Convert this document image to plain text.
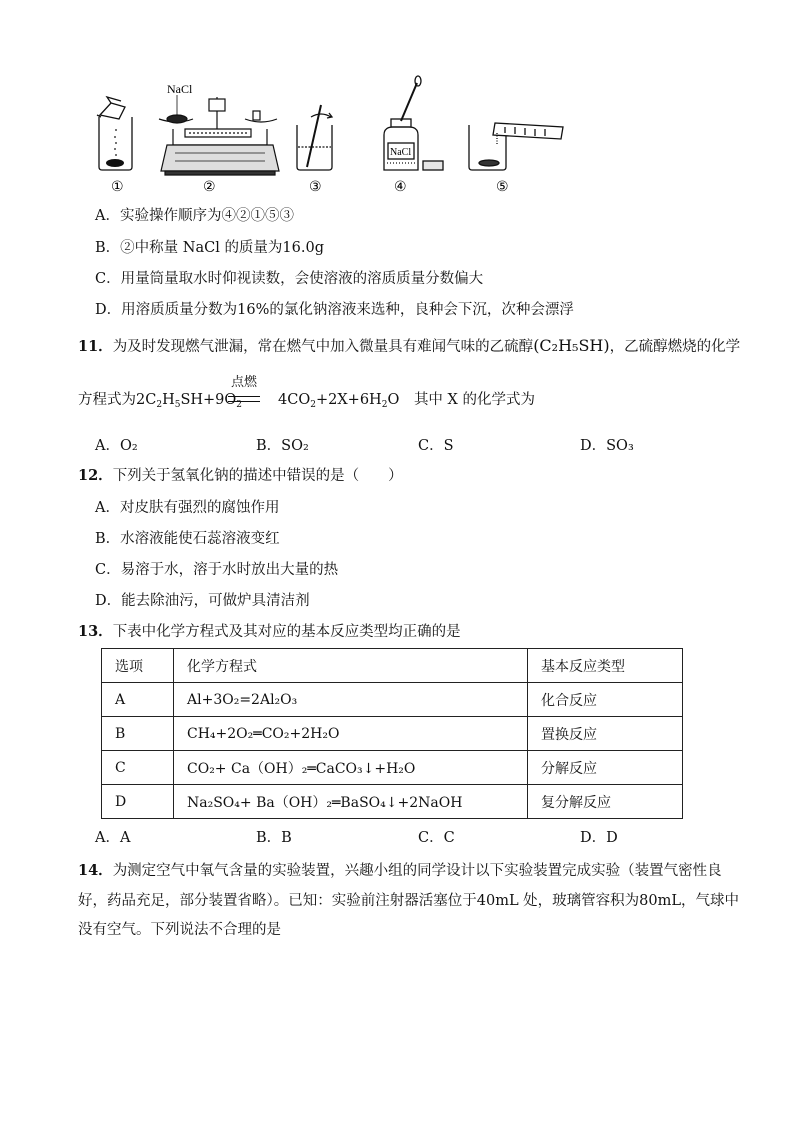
NaCl
NaCl
①	②	③	④	⑤
A．实验操作顺序为④②①⑤③
B．②中称量 NaCl 的质量为16.0g
C．用量筒量取水时仰视读数，会使溶液的溶质质量分数偏大
D．用溶质质量分数为16%的氯化钠溶液来选种，良种会下沉，次种会漂浮
11．为及时发现燃气泄漏，常在燃气中加入微量具有难闻气味的乙硫醇(C₂H₅SH)，乙硫醇燃烧的化学
方程式为$2C_2H_5SH+9O_2$ $4CO_2+2X+6H_2O$ 其中 X 的化学式为
点燃
A．O₂	B．SO₂	C．S	D．SO₃
12．下列关于氢氧化钠的描述中错误的是（　　）
A．对皮肤有强烈的腐蚀作用
B．水溶液能使石蕊溶液变红
C．易溶于水，溶于水时放出大量的热
D．能去除油污，可做炉具清洁剂
13．下表中化学方程式及其对应的基本反应类型均正确的是
选项	化学方程式	基本反应类型
A	Al+3O₂=2Al₂O₃	化合反应
B	CH₄+2O₂═CO₂+2H₂O	置换反应
C	CO₂+ Ca（OH）₂═CaCO₃↓+H₂O	分解反应
D	Na₂SO₄+ Ba（OH）₂═BaSO₄↓+2NaOH	复分解反应
A．A	B．B	C．C	D．D
14．为测定空气中氧气含量的实验装置，兴趣小组的同学设计以下实验装置完成实验（装置气密性良
好，药品充足，部分装置省略）。已知：实验前注射器活塞位于40mL 处，玻璃管容积为80mL，气球中
没有空气。下列说法不合理的是
